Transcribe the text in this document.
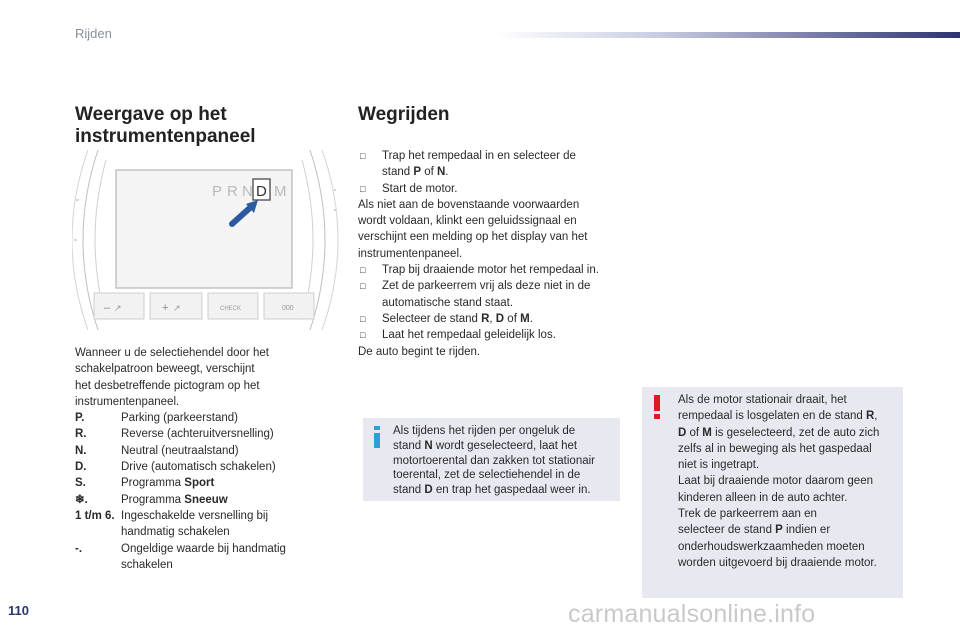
Rijden
Weergave op het
instrumentenpaneel
P R N D M
– ↗	+ ↗	CHECK	000
Wanneer u de selectiehendel door het
schakelpatroon beweegt, verschijnt
het desbetreffende pictogram op het
instrumentenpaneel.
P.	Parking (parkeerstand)
R.	Reverse (achteruitversnelling)
N.	Neutral (neutraalstand)
D.	Drive (automatisch schakelen)
S.	Programma Sport
❄.	Programma Sneeuw
1 t/m 6. Ingeschakelde versnelling bij
handmatig schakelen
-.	Ongeldige waarde bij handmatig
schakelen
Wegrijden
□	Trap het rempedaal in en selecteer de
stand P of N.
□	Start de motor.
Als niet aan de bovenstaande voorwaarden
wordt voldaan, klinkt een geluidssignaal en
verschijnt een melding op het display van het
instrumentenpaneel.
□	Trap bij draaiende motor het rempedaal in.
□	Zet de parkeerrem vrij als deze niet in de
automatische stand staat.
□	Selecteer de stand R, D of M.
□	Laat het rempedaal geleidelijk los.
De auto begint te rijden.
Als tijdens het rijden per ongeluk de
stand N wordt geselecteerd, laat het
motortoerental dan zakken tot stationair
toerental, zet de selectiehendel in de
stand D en trap het gaspedaal weer in.
Als de motor stationair draait, het
rempedaal is losgelaten en de stand R,
D of M is geselecteerd, zet de auto zich
zelfs al in beweging als het gaspedaal
niet is ingetrapt.
Laat bij draaiende motor daarom geen
kinderen alleen in de auto achter.
Trek de parkeerrem aan en
selecteer de stand P indien er
onderhoudswerkzaamheden moeten
worden uitgevoerd bij draaiende motor.
110	carmanualsonline.info
